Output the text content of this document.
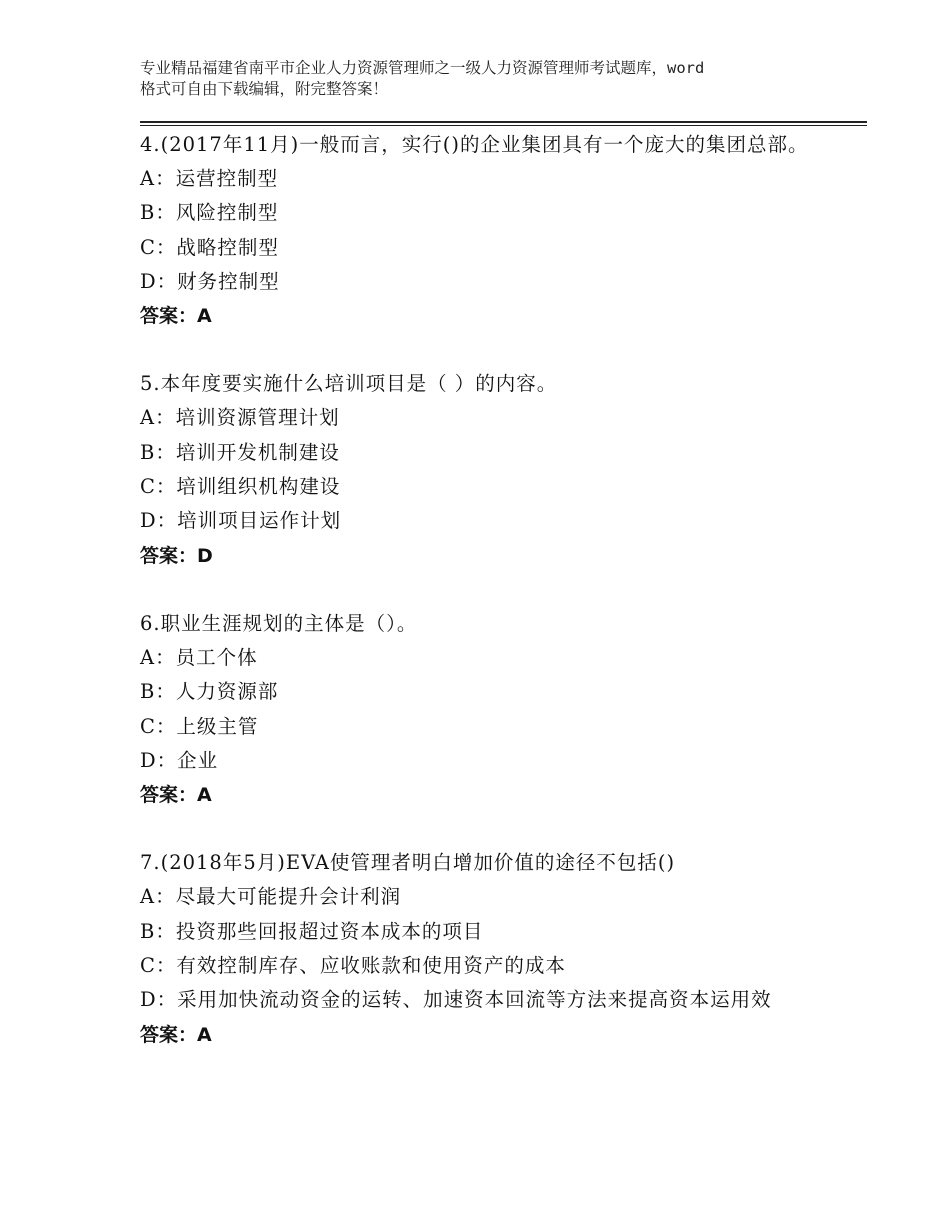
专业精品福建省南平市企业人力资源管理师之一级人力资源管理师考试题库，word
格式可自由下载编辑，附完整答案！
4.(2017年11月)一般而言，实行()的企业集团具有一个庞大的集团总部。
A：运营控制型
B：风险控制型
C：战略控制型
D：财务控制型
答案：A
5.本年度要实施什么培训项目是（ ）的内容。
A：培训资源管理计划
B：培训开发机制建设
C：培训组织机构建设
D：培训项目运作计划
答案：D
6.职业生涯规划的主体是（）。
A：员工个体
B：人力资源部
C：上级主管
D：企业
答案：A
7.(2018年5月)EVA使管理者明白增加价值的途径不包括()
A：尽最大可能提升会计利润
B：投资那些回报超过资本成本的项目
C：有效控制库存、应收账款和使用资产的成本
D：采用加快流动资金的运转、加速资本回流等方法来提高资本运用效
答案：A
